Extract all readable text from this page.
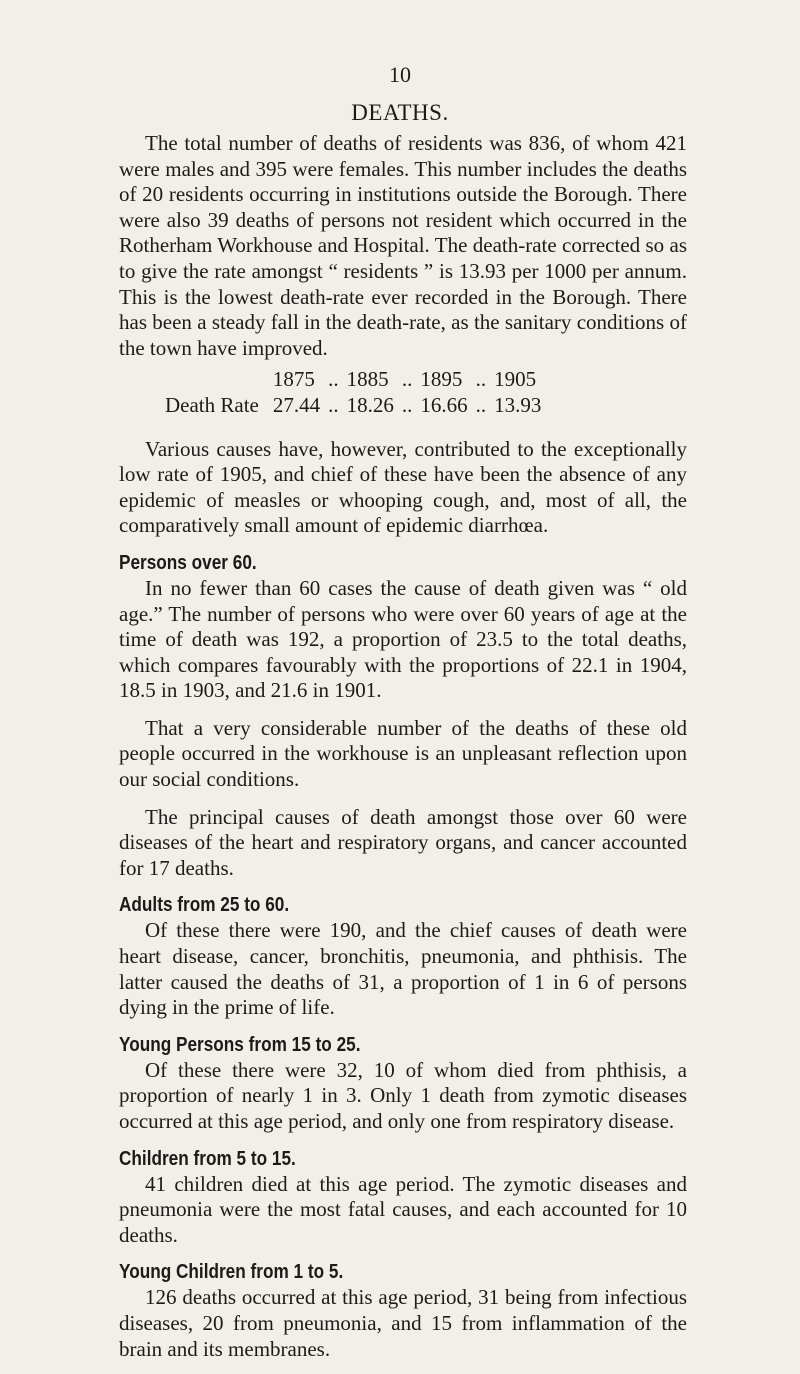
10
DEATHS.

The total number of deaths of residents was 836, of whom 421 were males and 395 were females. This number includes the deaths of 20 residents occurring in institutions outside the Borough. There were also 39 deaths of persons not resident which occurred in the Rotherham Workhouse and Hospital. The death-rate corrected so as to give the rate amongst “ residents ” is 13.93 per 1000 per annum. This is the lowest death-rate ever recorded in the Borough. There has been a steady fall in the death-rate, as the sanitary conditions of the town have improved.

	1875	..	1885	..	1895	..	1905
Death Rate	27.44	..	18.26	..	16.66	..	13.93

Various causes have, however, contributed to the exceptionally low rate of 1905, and chief of these have been the absence of any epidemic of measles or whooping cough, and, most of all, the comparatively small amount of epidemic diarrhœa.

Persons over 60.

In no fewer than 60 cases the cause of death given was “ old age.” The number of persons who were over 60 years of age at the time of death was 192, a proportion of 23.5 to the total deaths, which compares favourably with the proportions of 22.1 in 1904, 18.5 in 1903, and 21.6 in 1901.

That a very considerable number of the deaths of these old people occurred in the workhouse is an unpleasant reflection upon our social conditions.

The principal causes of death amongst those over 60 were diseases of the heart and respiratory organs, and cancer accounted for 17 deaths.

Adults from 25 to 60.

Of these there were 190, and the chief causes of death were heart disease, cancer, bronchitis, pneumonia, and phthisis. The latter caused the deaths of 31, a proportion of 1 in 6 of persons dying in the prime of life.

Young Persons from 15 to 25.

Of these there were 32, 10 of whom died from phthisis, a proportion of nearly 1 in 3. Only 1 death from zymotic diseases occurred at this age period, and only one from respiratory disease.

Children from 5 to 15.

41 children died at this age period. The zymotic diseases and pneumonia were the most fatal causes, and each accounted for 10 deaths.

Young Children from 1 to 5.

126 deaths occurred at this age period, 31 being from infectious diseases, 20 from pneumonia, and 15 from inflammation of the brain and its membranes.
